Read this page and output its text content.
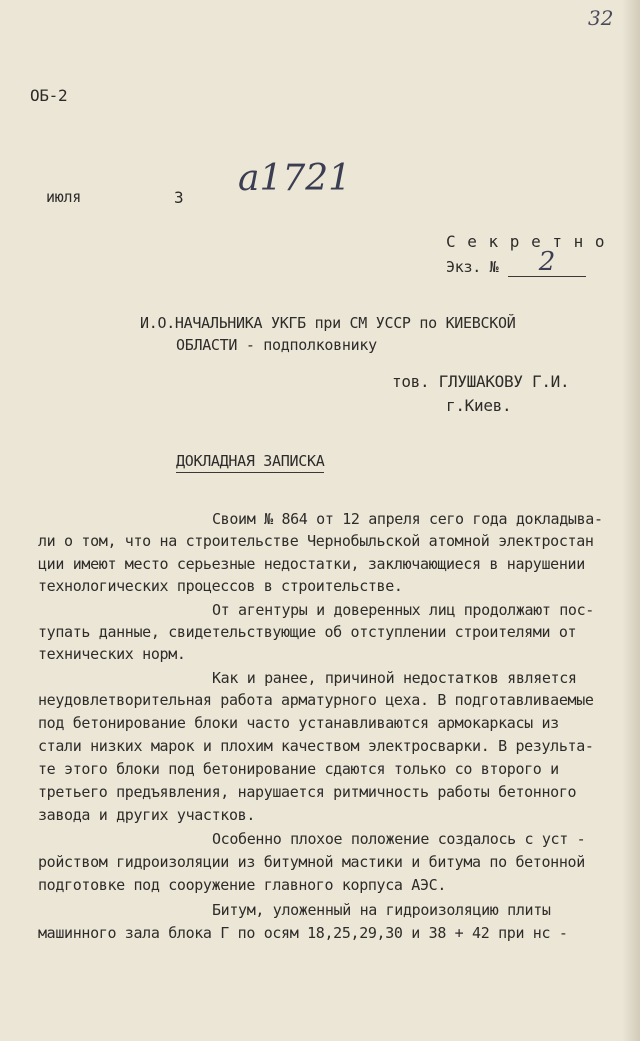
32
ОБ-2
июля	3 а1721
С е к р е т н о
Экз. №	2
И.О.НАЧАЛЬНИКА УКГБ при СМ УССР по КИЕВСКОЙ
ОБЛАСТИ - подполковнику
тов. ГЛУШАКОВУ Г.И.
г.Киев.
ДОКЛАДНАЯ ЗАПИСКА
Своим № 864 от 12 апреля сего года докладыва-
ли о том, что на строительстве Чернобыльской атомной электростан
ции имеют место серьезные недостатки, заключающиеся в нарушении
технологических процессов в строительстве.
От агентуры и доверенных лиц продолжают пос-
тупать данные, свидетельствующие об отступлении строителями от
технических норм.
Как и ранее, причиной недостатков является
неудовлетворительная работа арматурного цеха. В подготавливаемые
под бетонирование блоки часто устанавливаются армокаркасы из
стали низких марок и плохим качеством электросварки. В результа-
те этого блоки под бетонирование сдаются только со второго и
третьего предъявления, нарушается ритмичность работы бетонного
завода и других участков.
Особенно плохое положение создалось с уст -
ройством гидроизоляции из битумной мастики и битума по бетонной
подготовке под сооружение главного корпуса АЭС.
Битум, уложенный на гидроизоляцию плиты
машинного зала блока Г по осям 18,25,29,30 и 38 + 42 при нс -
